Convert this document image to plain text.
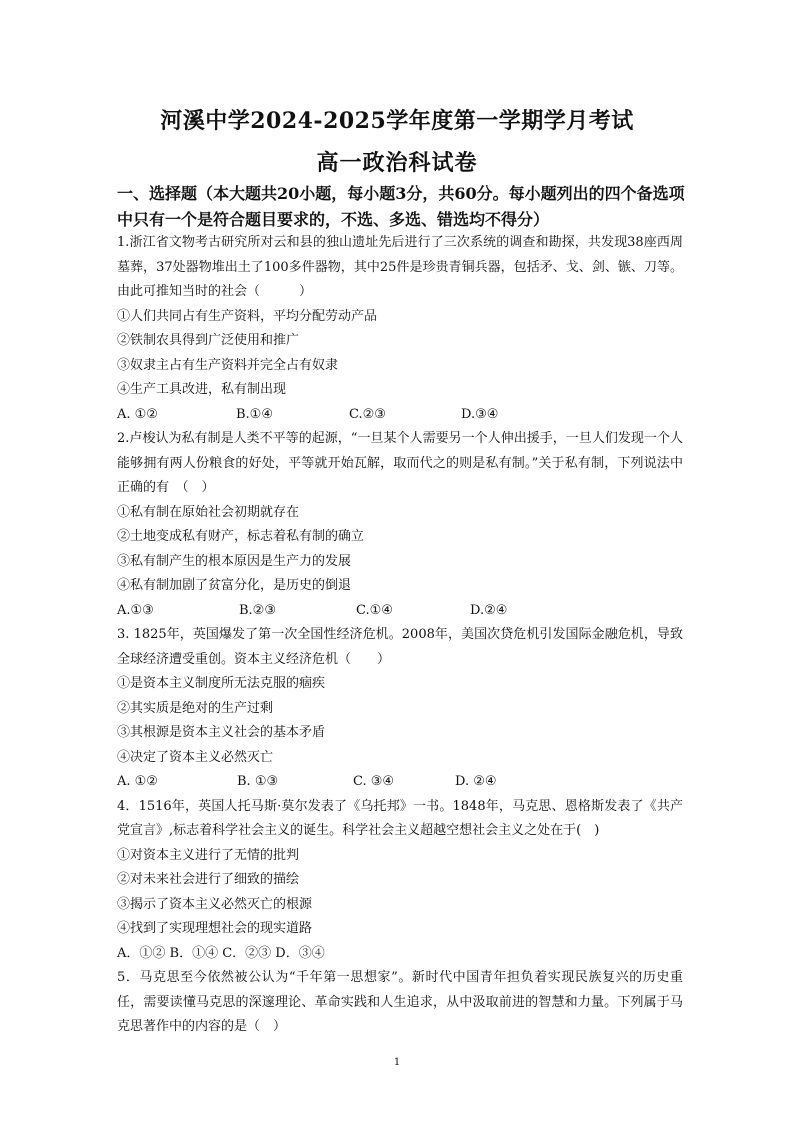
河溪中学2024-2025学年度第一学期学月考试
高一政治科试卷
一、选择题（本大题共20小题，每小题3分，共60分。每小题列出的四个备选项中只有一个是符合题目要求的，不选、多选、错选均不得分）
1.浙江省文物考古研究所对云和县的独山遗址先后进行了三次系统的调查和勘探，共发现38座西周墓葬，37处器物堆出土了100多件器物，其中25件是珍贵青铜兵器，包括矛、戈、剑、镞、刀等。由此可推知当时的社会（　　　）
①人们共同占有生产资料，平均分配劳动产品
②铁制农具得到广泛使用和推广
③奴隶主占有生产资料并完全占有奴隶
④生产工具改进，私有制出现
A. ①②	B.①④	C.②③	D.③④
2.卢梭认为私有制是人类不平等的起源，“一旦某个人需要另一个人伸出援手，一旦人们发现一个人能够拥有两人份粮食的好处，平等就开始瓦解，取而代之的则是私有制。”关于私有制，下列说法中正确的有　（　）
①私有制在原始社会初期就存在
②土地变成私有财产，标志着私有制的确立
③私有制产生的根本原因是生产力的发展
④私有制加剧了贫富分化，是历史的倒退
A.①③	B.②③	C.①④	D.②④
3. 1825年，英国爆发了第一次全国性经济危机。2008年，美国次贷危机引发国际金融危机，导致全球经济遭受重创。资本主义经济危机（　　）
①是资本主义制度所无法克服的痼疾
②其实质是绝对的生产过剩
③其根源是资本主义社会的基本矛盾
④决定了资本主义必然灭亡
A. ①②	B. ①③	C. ③④	D. ②④
4．1516年，英国人托马斯·莫尔发表了《乌托邦》一书。1848年，马克思、恩格斯发表了《共产党宣言》,标志着科学社会主义的诞生。科学社会主义超越空想社会主义之处在于(　)
①对资本主义进行了无情的批判
②对未来社会进行了细致的描绘
③揭示了资本主义必然灭亡的根源
④找到了实现理想社会的现实道路
A．①② B．①④ C．②③ D．③④
5．马克思至今依然被公认为“千年第一思想家”。新时代中国青年担负着实现民族复兴的历史重任，需要读懂马克思的深邃理论、革命实践和人生追求，从中汲取前进的智慧和力量。下列属于马克思著作中的内容的是（　）
1
